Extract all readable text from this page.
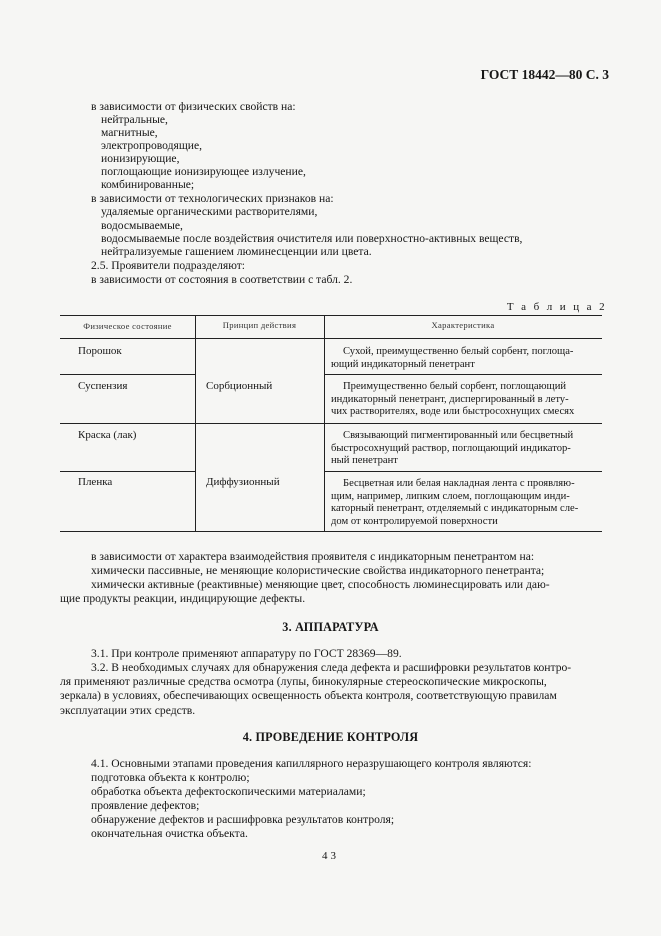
ГОСТ 18442—80 С. 3
в зависимости от физических свойств на:
нейтральные,
магнитные,
электропроводящие,
ионизирующие,
поглощающие ионизирующее излучение,
комбинированные;
в зависимости от технологических признаков на:
удаляемые органическими растворителями,
водосмываемые,
водосмываемые после воздействия очистителя или поверхностно-активных веществ,
нейтрализуемые гашением люминесценции или цвета.
2.5. Проявители подразделяют:
в зависимости от состояния в соответствии с табл. 2.
Т а б л и ц а 2
Физическое состояние	Принцип действия	Характеристика
Порошок
Суспензия
Краска (лак)
Пленка
Сорбционный
Диффузионный
Сухой, преимущественно белый сорбент, поглоща-
ющий индикаторный пенетрант
Преимущественно белый сорбент, поглощающий
индикаторный пенетрант, диспергированный в лету-
чих растворителях, воде или быстросохнущих смесях
Связывающий пигментированный или бесцветный
быстросохнущий раствор, поглощающий индикатор-
ный пенетрант
Бесцветная или белая накладная лента с проявляю-
щим, например, липким слоем, поглощающим инди-
каторный пенетрант, отделяемый с индикаторным сле-
дом от контролируемой поверхности
в зависимости от характера взаимодействия проявителя с индикаторным пенетрантом на:
химически пассивные, не меняющие колористические свойства индикаторного пенетранта;
химически активные (реактивные) меняющие цвет, способность люминесцировать или даю-
щие продукты реакции, индицирующие дефекты.
3. АППАРАТУРА
3.1. При контроле применяют аппаратуру по ГОСТ 28369—89.
3.2. В необходимых случаях для обнаружения следа дефекта и расшифровки результатов контро-
ля применяют различные средства осмотра (лупы, бинокулярные стереоскопические микроскопы,
зеркала) в условиях, обеспечивающих освещенность объекта контроля, соответствующую правилам
эксплуатации этих средств.
4. ПРОВЕДЕНИЕ КОНТРОЛЯ
4.1. Основными этапами проведения капиллярного неразрушающего контроля являются:
подготовка объекта к контролю;
обработка объекта дефектоскопическими материалами;
проявление дефектов;
обнаружение дефектов и расшифровка результатов контроля;
окончательная очистка объекта.
43
